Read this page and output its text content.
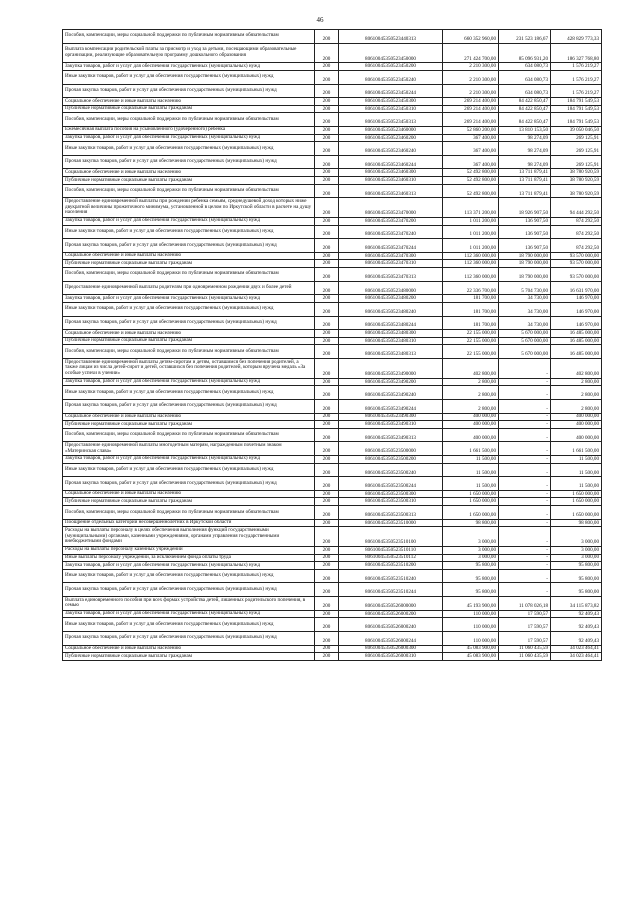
46
Пособия, компенсации, меры социальной поддержки по публичным нормативным обязательствам	200	80610045350523440313	660 352 960,00	231 523 186,67	428 829 773,33
Выплата компенсации родительской платы за присмотр и уход за детьми, посещающими образовательные организации, реализующие образовательную программу дошкольного образования	200	80610045350523450000	271 424 700,00	85 096 931,20	186 327 768,80
Закупка товаров, работ и услуг для обеспечения государственных (муниципальных) нужд	200	80610045350523450200	2 210 300,00	634 080,73	1 576 219,27
Иные закупки товаров, работ и услуг для обеспечения государственных (муниципальных) нужд	200	80610045350523450240	2 210 300,00	634 080,73	1 576 219,27
Прочая закупка товаров, работ и услуг для обеспечения государственных (муниципальных) нужд	200	80610045350523450244	2 210 300,00	634 080,73	1 576 219,27
Социальное обеспечение и иные выплаты населению	200	80610045350523450300	269 214 400,00	84 422 850,47	184 791 549,53
Публичные нормативные социальные выплаты гражданам	200	80610045350523450310	269 214 400,00	84 422 850,47	184 791 549,53
Пособия, компенсации, меры социальной поддержки по публичным нормативным обязательствам	200	80610045350523450313	269 214 400,00	84 422 850,47	184 791 549,53
Ежемесячная выплата пособия на усыновленного (удочеренного) ребенка	200	80610045350523460000	52 860 200,00	13 810 153,50	39 050 046,50
Закупка товаров, работ и услуг для обеспечения государственных (муниципальных) нужд	200	80610045350523460200	367 400,00	98 274,09	269 125,91
Иные закупки товаров, работ и услуг для обеспечения государственных (муниципальных) нужд	200	80610045350523460240	367 400,00	98 274,09	269 125,91
Прочая закупка товаров, работ и услуг для обеспечения государственных (муниципальных) нужд	200	80610045350523460244	367 400,00	98 274,09	269 125,91
Социальное обеспечение и иные выплаты населению	200	80610045350523460300	52 492 800,00	13 711 879,41	38 780 920,59
Публичные нормативные социальные выплаты гражданам	200	80610045350523460310	52 492 800,00	13 711 879,41	38 780 920,59
Пособия, компенсации, меры социальной поддержки по публичным нормативным обязательствам	200	80610045350523460313	52 492 800,00	13 711 879,41	38 780 920,59
Предоставление единовременной выплаты при рождении ребенка семьям, среднедушевой доход которых ниже двукратной величины прожиточного минимума, установленной в целом по Иркутской области в расчете на душу населения	200	80610045350523470000	113 371 200,00	18 926 907,50	94 444 292,50
Закупка товаров, работ и услуг для обеспечения государственных (муниципальных) нужд	200	80610045350523470200	1 011 200,00	136 907,50	874 292,50
Иные закупки товаров, работ и услуг для обеспечения государственных (муниципальных) нужд	200	80610045350523470240	1 011 200,00	136 907,50	874 292,50
Прочая закупка товаров, работ и услуг для обеспечения государственных (муниципальных) нужд	200	80610045350523470244	1 011 200,00	136 907,50	874 292,50
Социальное обеспечение и иные выплаты населению	200	80610045350523470300	112 360 000,00	18 790 000,00	93 570 000,00
Публичные нормативные социальные выплаты гражданам	200	80610045350523470310	112 360 000,00	18 790 000,00	93 570 000,00
Пособия, компенсации, меры социальной поддержки по публичным нормативным обязательствам	200	80610045350523470313	112 360 000,00	18 790 000,00	93 570 000,00
Предоставление единовременной выплаты родителям при одновременном рождении двух и более детей	200	80610045350523480000	22 336 700,00	5 704 730,00	16 631 970,00
Закупка товаров, работ и услуг для обеспечения государственных (муниципальных) нужд	200	80610045350523480200	181 700,00	34 730,00	146 970,00
Иные закупки товаров, работ и услуг для обеспечения государственных (муниципальных) нужд	200	80610045350523480240	181 700,00	34 730,00	146 970,00
Прочая закупка товаров, работ и услуг для обеспечения государственных (муниципальных) нужд	200	80610045350523480244	181 700,00	34 730,00	146 970,00
Социальное обеспечение и иные выплаты населению	200	80610045350523480300	22 155 000,00	5 670 000,00	16 485 000,00
Публичные нормативные социальные выплаты гражданам	200	80610045350523480310	22 155 000,00	5 670 000,00	16 485 000,00
Пособия, компенсации, меры социальной поддержки по публичным нормативным обязательствам	200	80610045350523480313	22 155 000,00	5 670 000,00	16 485 000,00
Предоставление единовременной выплаты детям-сиротам и детям, оставшимся без попечения родителей, а также лицам из числа детей-сирот и детей, оставшихся без попечения родителей, которым вручена медаль «За особые успехи в учении»	200	80610045350523490000	402 800,00	-	402 800,00
Закупка товаров, работ и услуг для обеспечения государственных (муниципальных) нужд	200	80610045350523490200	2 800,00	-	2 800,00
Иные закупки товаров, работ и услуг для обеспечения государственных (муниципальных) нужд	200	80610045350523490240	2 800,00	-	2 800,00
Прочая закупка товаров, работ и услуг для обеспечения государственных (муниципальных) нужд	200	80610045350523490244	2 800,00	-	2 800,00
Социальное обеспечение и иные выплаты населению	200	80610045350523490300	400 000,00	-	400 000,00
Публичные нормативные социальные выплаты гражданам	200	80610045350523490310	400 000,00	-	400 000,00
Пособия, компенсации, меры социальной поддержки по публичным нормативным обязательствам	200	80610045350523490313	400 000,00	-	400 000,00
Предоставление единовременной выплаты многодетным матерям, награжденным почетным знаком «Материнская слава»	200	80610045350523500000	1 661 500,00	-	1 661 500,00
Закупка товаров, работ и услуг для обеспечения государственных (муниципальных) нужд	200	80610045350523500200	11 500,00	-	11 500,00
Иные закупки товаров, работ и услуг для обеспечения государственных (муниципальных) нужд	200	80610045350523500240	11 500,00	-	11 500,00
Прочая закупка товаров, работ и услуг для обеспечения государственных (муниципальных) нужд	200	80610045350523500244	11 500,00	-	11 500,00
Социальное обеспечение и иные выплаты населению	200	80610045350523500300	1 650 000,00	-	1 650 000,00
Публичные нормативные социальные выплаты гражданам	200	80610045350523500310	1 650 000,00	-	1 650 000,00
Пособия, компенсации, меры социальной поддержки по публичным нормативным обязательствам	200	80610045350523500313	1 650 000,00	-	1 650 000,00
Поощрение отдельных категорий несовершеннолетних в Иркутской области	200	80610045350523510000	98 800,00	-	98 800,00
Расходы на выплаты персоналу в целях обеспечения выполнения функций государственными (муниципальными) органами, казенными учреждениями, органами управления государственными внебюджетными фондами	200	80610045350523510100	3 000,00	-	3 000,00
Расходы на выплаты персоналу казенных учреждений	200	80610045350523510110	3 000,00	-	3 000,00
Иные выплаты персоналу учреждений, за исключением фонда оплаты труда	200	80610045350523510112	3 000,00	-	3 000,00
Закупка товаров, работ и услуг для обеспечения государственных (муниципальных) нужд	200	80610045350523510200	95 800,00	-	95 800,00
Иные закупки товаров, работ и услуг для обеспечения государственных (муниципальных) нужд	200	80610045350523510240	95 800,00	-	95 800,00
Прочая закупка товаров, работ и услуг для обеспечения государственных (муниципальных) нужд	200	80610045350523510244	95 800,00	-	95 800,00
Выплата единовременного пособия при всех формах устройства детей, лишенных родительского попечения, в семью	200	80610045350526000000	45 193 900,00	11 078 026,18	34 115 873,82
Закупка товаров, работ и услуг для обеспечения государственных (муниципальных) нужд	200	80610045350526000200	110 000,00	17 590,57	92 409,43
Иные закупки товаров, работ и услуг для обеспечения государственных (муниципальных) нужд	200	80610045350526000240	110 000,00	17 590,57	92 409,43
Прочая закупка товаров, работ и услуг для обеспечения государственных (муниципальных) нужд	200	80610045350526000244	110 000,00	17 590,57	92 409,43
Социальное обеспечение и иные выплаты населению	200	80610045350526000300	45 083 900,00	11 060 435,59	34 023 464,41
Публичные нормативные социальные выплаты гражданам	200	80610045350526000310	45 083 900,00	11 060 435,59	34 023 464,41
